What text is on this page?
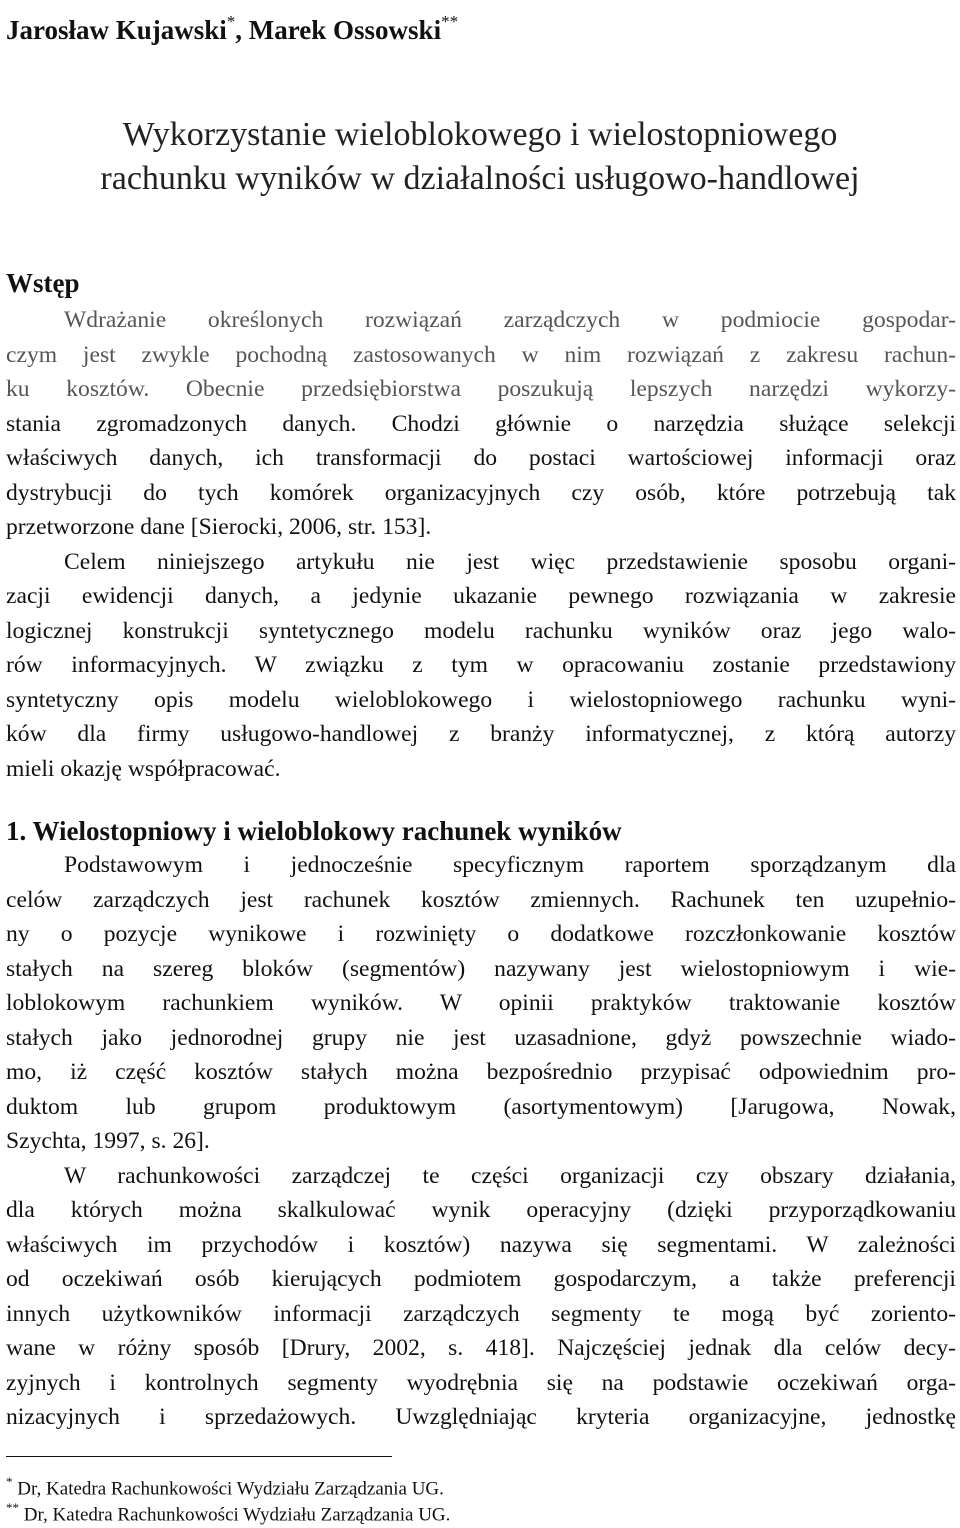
Jarosław Kujawski*, Marek Ossowski**
Wykorzystanie wieloblokowego i wielostopniowego
rachunku wyników w działalności usługowo-handlowej
Wstęp
Wdrażanie określonych rozwiązań zarządczych w podmiocie gospodar-
czym jest zwykle pochodną zastosowanych w nim rozwiązań z zakresu rachun-
ku kosztów. Obecnie przedsiębiorstwa poszukują lepszych narzędzi wykorzy-
stania zgromadzonych danych. Chodzi głównie o narzędzia służące selekcji
właściwych danych, ich transformacji do postaci wartościowej informacji oraz
dystrybucji do tych komórek organizacyjnych czy osób, które potrzebują tak
przetworzone dane [Sierocki, 2006, str. 153].
Celem niniejszego artykułu nie jest więc przedstawienie sposobu organi-
zacji ewidencji danych, a jedynie ukazanie pewnego rozwiązania w zakresie
logicznej konstrukcji syntetycznego modelu rachunku wyników oraz jego walo-
rów informacyjnych. W związku z tym w opracowaniu zostanie przedstawiony
syntetyczny opis modelu wieloblokowego i wielostopniowego rachunku wyni-
ków dla firmy usługowo-handlowej z branży informatycznej, z którą autorzy
mieli okazję współpracować.
1. Wielostopniowy i wieloblokowy rachunek wyników
Podstawowym i jednocześnie specyficznym raportem sporządzanym dla
celów zarządczych jest rachunek kosztów zmiennych. Rachunek ten uzupełnio-
ny o pozycje wynikowe i rozwinięty o dodatkowe rozczłonkowanie kosztów
stałych na szereg bloków (segmentów) nazywany jest wielostopniowym i wie-
loblokowym rachunkiem wyników. W opinii praktyków traktowanie kosztów
stałych jako jednorodnej grupy nie jest uzasadnione, gdyż powszechnie wiado-
mo, iż część kosztów stałych można bezpośrednio przypisać odpowiednim pro-
duktom lub grupom produktowym (asortymentowym) [Jarugowa, Nowak,
Szychta, 1997, s. 26].
W rachunkowości zarządczej te części organizacji czy obszary działania,
dla których można skalkulować wynik operacyjny (dzięki przyporządkowaniu
właściwych im przychodów i kosztów) nazywa się segmentami. W zależności
od oczekiwań osób kierujących podmiotem gospodarczym, a także preferencji
innych użytkowników informacji zarządczych segmenty te mogą być zoriento-
wane w różny sposób [Drury, 2002, s. 418]. Najczęściej jednak dla celów decy-
zyjnych i kontrolnych segmenty wyodrębnia się na podstawie oczekiwań orga-
nizacyjnych i sprzedażowych. Uwzględniając kryteria organizacyjne, jednostkę
* Dr, Katedra Rachunkowości Wydziału Zarządzania UG.
** Dr, Katedra Rachunkowości Wydziału Zarządzania UG.
